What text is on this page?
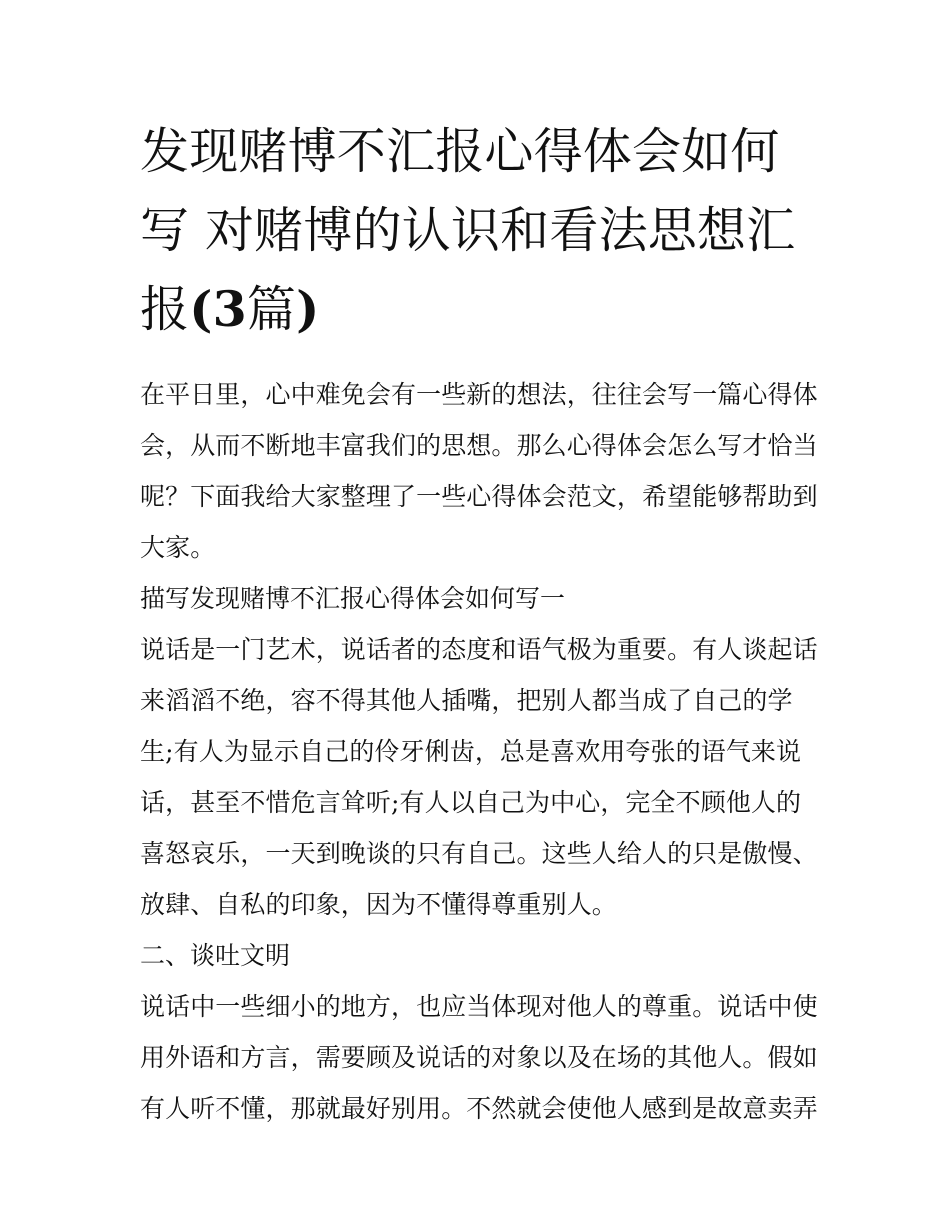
发现赌博不汇报心得体会如何
写 对赌博的认识和看法思想汇
报(3篇)
在平日里，心中难免会有一些新的想法，往往会写一篇心得体
会，从而不断地丰富我们的思想。那么心得体会怎么写才恰当
呢？下面我给大家整理了一些心得体会范文，希望能够帮助到
大家。
描写发现赌博不汇报心得体会如何写一
说话是一门艺术，说话者的态度和语气极为重要。有人谈起话
来滔滔不绝，容不得其他人插嘴，把别人都当成了自己的学
生;有人为显示自己的伶牙俐齿，总是喜欢用夸张的语气来说
话，甚至不惜危言耸听;有人以自己为中心，完全不顾他人的
喜怒哀乐，一天到晚谈的只有自己。这些人给人的只是傲慢、
放肆、自私的印象，因为不懂得尊重别人。
二、谈吐文明
说话中一些细小的地方，也应当体现对他人的尊重。说话中使
用外语和方言，需要顾及说话的对象以及在场的其他人。假如
有人听不懂，那就最好别用。不然就会使他人感到是故意卖弄
